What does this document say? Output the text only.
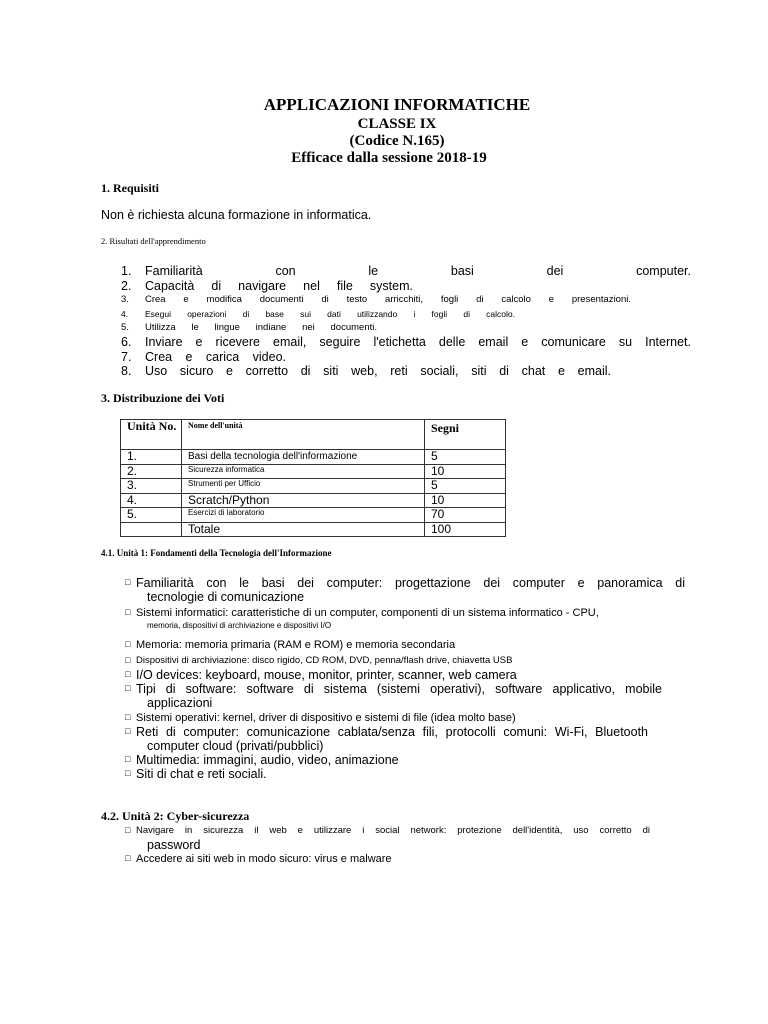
APPLICAZIONI INFORMATICHE
CLASSE IX
(Codice N.165)
Efficace dalla sessione 2018-19
1. Requisiti
Non è richiesta alcuna formazione in informatica.
2. Risultati dell'apprendimento
1.	Familiarità con le basi dei computer.
2.	Capacità di navigare nel file system.
3.	Crea e modifica documenti di testo arricchiti, fogli di calcolo e presentazioni.
4.	Esegui operazioni di base sui dati utilizzando i fogli di calcolo.
5.	Utilizza le lingue indiane nei documenti.
6.	Inviare e ricevere email, seguire l'etichetta delle email e comunicare su Internet.
7.	Crea e carica video.
8.	Uso sicuro e corretto di siti web, reti sociali, siti di chat e email.
3. Distribuzione dei Voti
Unità No.	Nome dell'unità	Segni
1.	Basi della tecnologia dell'informazione	5
2.	Sicurezza informatica	10
3.	Strumenti per Ufficio	5
4.	Scratch/Python	10
5.	Esercizi di laboratorio	70
	Totale	100
4.1. Unità 1: Fondamenti della Tecnologia dell'Informazione
□ Familiarità con le basi dei computer: progettazione dei computer e panoramica di
tecnologie di comunicazione
□ Sistemi informatici: caratteristiche di un computer, componenti di un sistema informatico - CPU,
memoria, dispositivi di archiviazione e dispositivi I/O
□ Memoria: memoria primaria (RAM e ROM) e memoria secondaria
□ Dispositivi di archiviazione: disco rigido, CD ROM, DVD, penna/flash drive, chiavetta USB
□ I/O devices: keyboard, mouse, monitor, printer, scanner, web camera
□ Tipi di software: software di sistema (sistemi operativi), software applicativo, mobile
applicazioni
□ Sistemi operativi: kernel, driver di dispositivo e sistemi di file (idea molto base)
□ Reti di computer: comunicazione cablata/senza fili, protocolli comuni: Wi-Fi, Bluetooth
computer cloud (privati/pubblici)
□ Multimedia: immagini, audio, video, animazione
□ Siti di chat e reti sociali.
4.2. Unità 2: Cyber-sicurezza
□ Navigare in sicurezza il web e utilizzare i social network: protezione dell'identità, uso corretto di
password
□ Accedere ai siti web in modo sicuro: virus e malware
